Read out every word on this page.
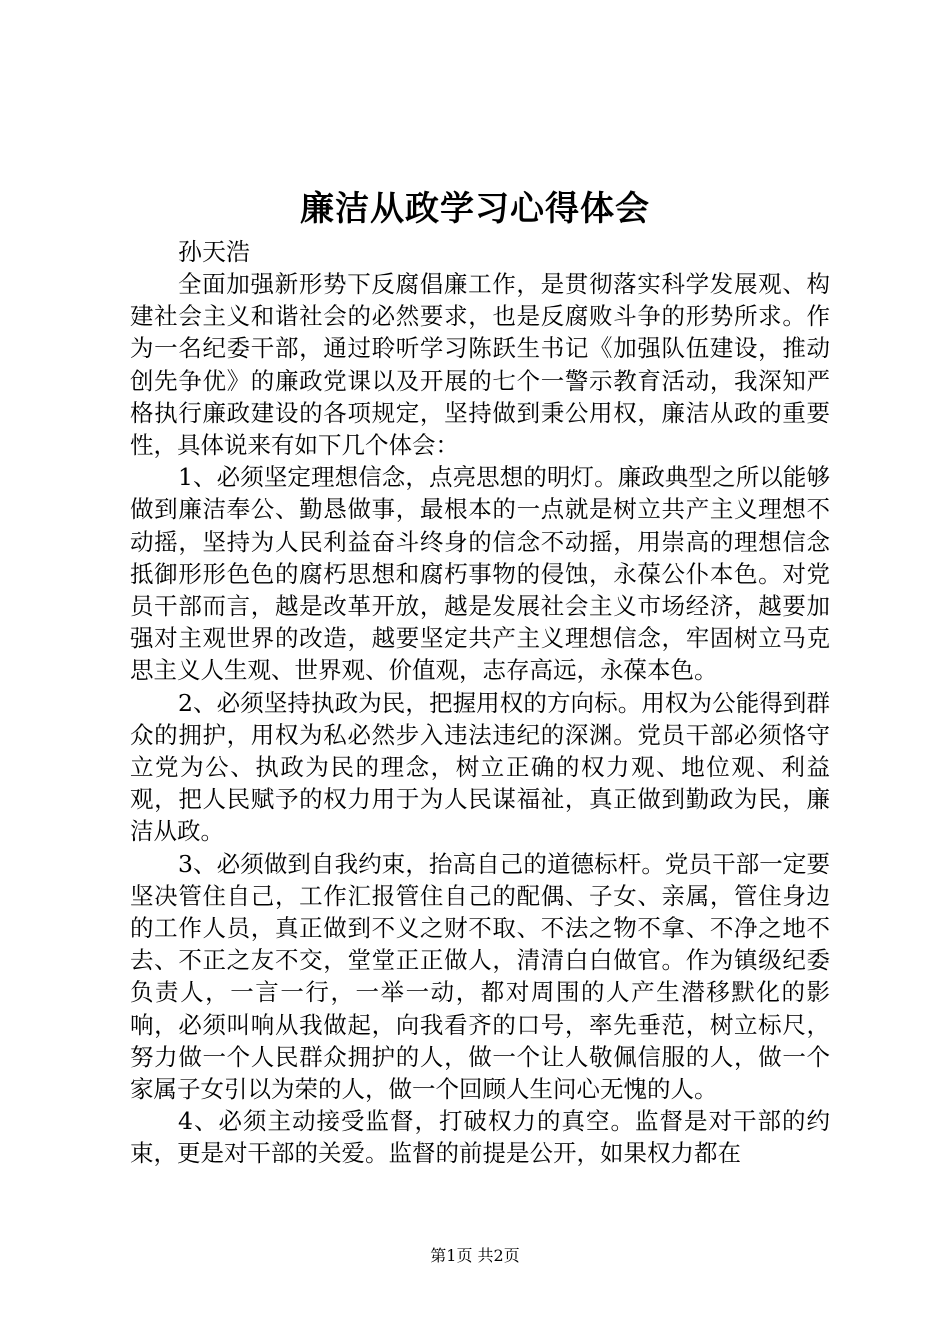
廉洁从政学习心得体会
孙天浩

全面加强新形势下反腐倡廉工作，是贯彻落实科学发展观、构建社会主义和谐社会的必然要求，也是反腐败斗争的形势所求。作为一名纪委干部，通过聆听学习陈跃生书记《加强队伍建设，推动创先争优》的廉政党课以及开展的七个一警示教育活动，我深知严格执行廉政建设的各项规定，坚持做到秉公用权，廉洁从政的重要性，具体说来有如下几个体会：

1、必须坚定理想信念，点亮思想的明灯。廉政典型之所以能够做到廉洁奉公、勤恳做事，最根本的一点就是树立共产主义理想不动摇，坚持为人民利益奋斗终身的信念不动摇，用崇高的理想信念抵御形形色色的腐朽思想和腐朽事物的侵蚀，永葆公仆本色。对党员干部而言，越是改革开放，越是发展社会主义市场经济，越要加强对主观世界的改造，越要坚定共产主义理想信念，牢固树立马克思主义人生观、世界观、价值观，志存高远，永葆本色。

2、必须坚持执政为民，把握用权的方向标。用权为公能得到群众的拥护，用权为私必然步入违法违纪的深渊。党员干部必须恪守立党为公、执政为民的理念，树立正确的权力观、地位观、利益观，把人民赋予的权力用于为人民谋福祉，真正做到勤政为民，廉洁从政。

3、必须做到自我约束，抬高自己的道德标杆。党员干部一定要坚决管住自己，工作汇报管住自己的配偶、子女、亲属，管住身边的工作人员，真正做到不义之财不取、不法之物不拿、不净之地不去、不正之友不交，堂堂正正做人，清清白白做官。作为镇级纪委负责人，一言一行，一举一动，都对周围的人产生潜移默化的影响，必须叫响从我做起，向我看齐的口号，率先垂范，树立标尺，努力做一个人民群众拥护的人，做一个让人敬佩信服的人，做一个家属子女引以为荣的人，做一个回顾人生问心无愧的人。

4、必须主动接受监督，打破权力的真空。监督是对干部的约束，更是对干部的关爱。监督的前提是公开，如果权力都在

第1页 共2页
